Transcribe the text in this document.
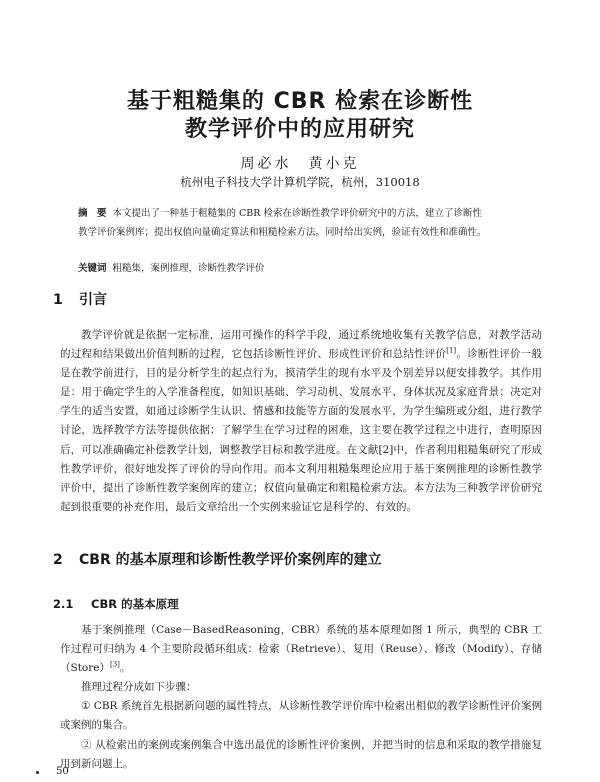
基于粗糙集的 CBR 检索在诊断性
教学评价中的应用研究
周必水　黄小克
杭州电子科技大学计算机学院，杭州，310018
摘　要 本文提出了一种基于粗糙集的 CBR 检索在诊断性教学评价研究中的方法，建立了诊断性
教学评价案例库；提出权值向量确定算法和粗糙检索方法。同时给出实例，验证有效性和准确性。
关键词 粗糙集，案例推理，诊断性教学评价
1 引言

教学评价就是依据一定标准，运用可操作的科学手段，通过系统地收集有关教学信息，对教学活动的过程和结果做出价值判断的过程，它包括诊断性评价、形成性评价和总结性评价[1]。诊断性评价一般是在教学前进行，目的是分析学生的起点行为，摸清学生的现有水平及个别差异以便安排教学。其作用是：用于确定学生的入学准备程度，如知识基础、学习动机、发展水平、身体状况及家庭背景；决定对学生的适当安置，如通过诊断学生认识、情感和技能等方面的发展水平，为学生编班或分组，进行教学讨论，选择教学方法等提供依据；了解学生在学习过程的困难，这主要在教学过程之中进行，查明原因后，可以准确确定补偿教学计划，调整教学目标和教学进度。在文献[2]中，作者利用粗糙集研究了形成性教学评价，很好地发挥了评价的导向作用。而本文利用粗糙集理论应用于基于案例推理的诊断性教学评价中，提出了诊断性教学案例库的建立；权值向量确定和粗糙检索方法。本方法为三种教学评价研究起到很重要的补充作用，最后文章给出一个实例来验证它是科学的、有效的。

2 CBR 的基本原理和诊断性教学评价案例库的建立
2.1 CBR 的基本原理

基于案例推理（Case－BasedReasoning，CBR）系统的基本原理如图 1 所示，典型的 CBR 工作过程可归纳为 4 个主要阶段循环组成：检索（Retrieve）、复用（Reuse）、修改（Modify）、存储（Store）[3]。

推理过程分成如下步骤：

① CBR 系统首先根据新问题的属性特点，从诊断性教学评价库中检索出相似的教学诊断性评价案例或案例的集合。

② 从检索出的案例或案例集合中选出最优的诊断性评价案例，并把当时的信息和采取的教学措施复用到新问题上。

50
